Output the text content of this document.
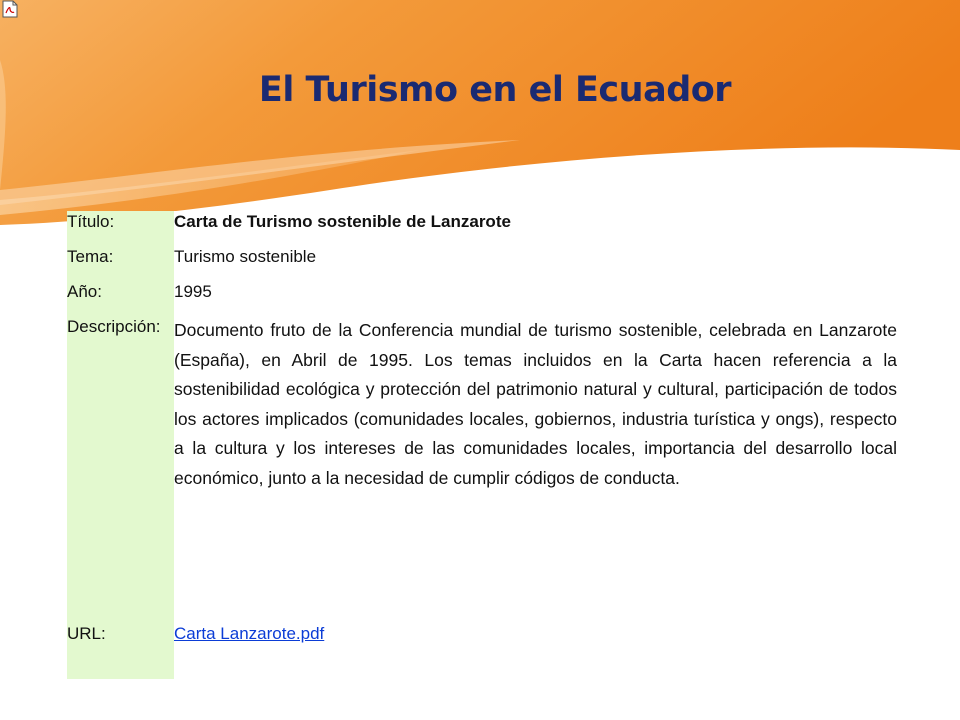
El Turismo en el Ecuador
Título:	Carta de Turismo sostenible de Lanzarote
Tema:	Turismo sostenible
Año:	1995
Descripción:	Documento fruto de la Conferencia mundial de turismo sostenible, celebrada en Lanzarote (España), en Abril de 1995. Los temas incluidos en la Carta hacen referencia a la sostenibilidad ecológica y protección del patrimonio natural y cultural, participación de todos los actores implicados (comunidades locales, gobiernos, industria turística y ongs), respecto a la cultura y los intereses de las comunidades locales, importancia del desarrollo local económico, junto a la necesidad de cumplir códigos de conducta.
URL:	Carta Lanzarote.pdf
